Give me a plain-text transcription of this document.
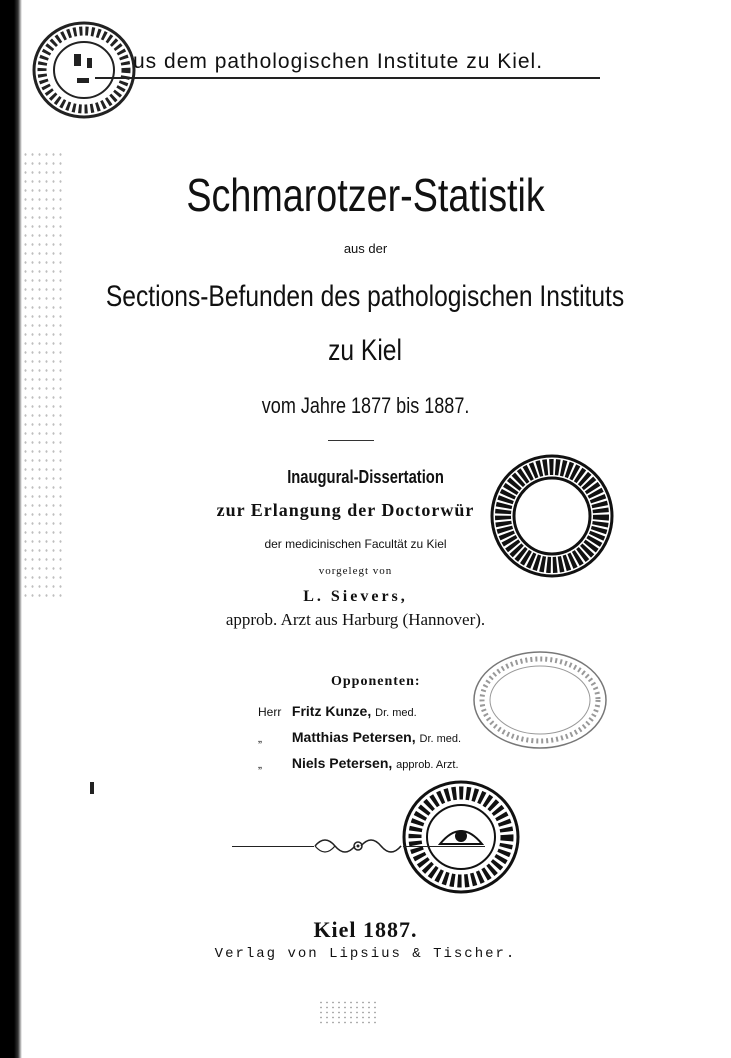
us dem pathologischen Institute zu Kiel.
Schmarotzer-Statistik
aus der
Sections-Befunden des pathologischen Instituts
zu Kiel
vom Jahre 1877 bis 1887.
Inaugural-Dissertation
zur Erlangung der Doctorwür
der medicinischen Facultät zu Kiel
vorgelegt von
L. Sievers,
approb. Arzt aus Harburg (Hannover).
Opponenten:
Herr Fritz Kunze, Dr. med.
„ Matthias Petersen, Dr. med.
„ Niels Petersen, approb. Arzt.
Kiel 1887.
Verlag von Lipsius & Tischer.
